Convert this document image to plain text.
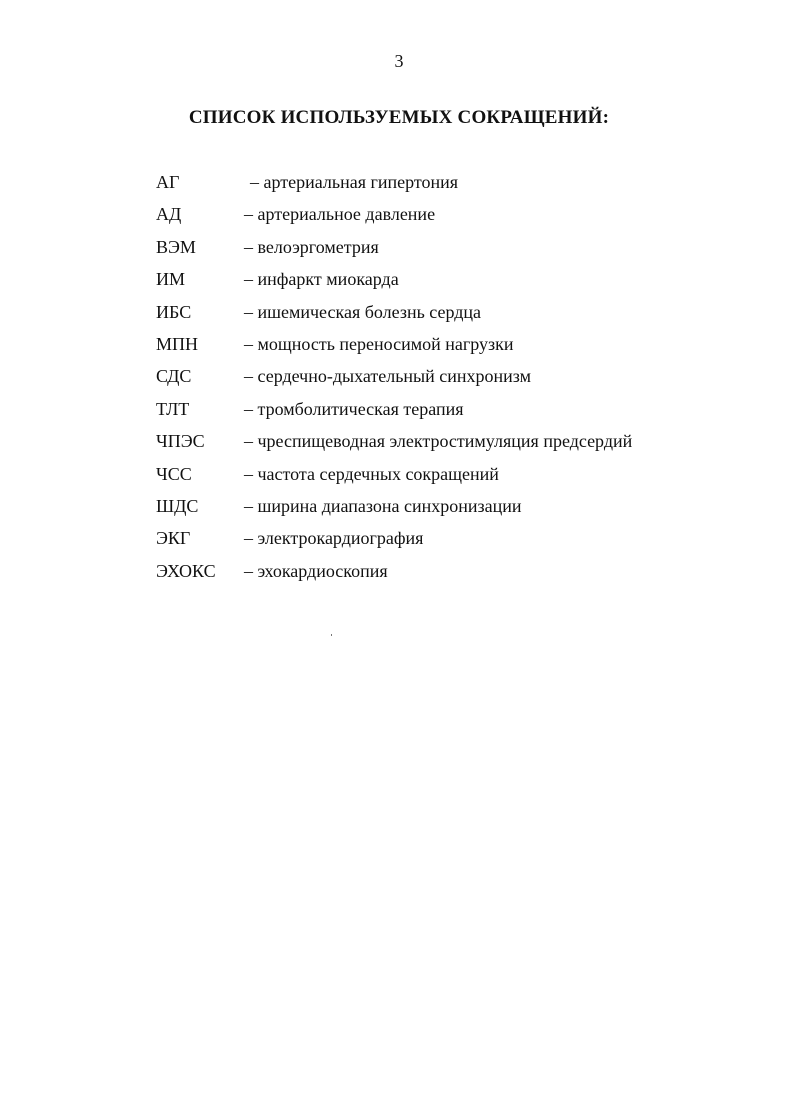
3
СПИСОК ИСПОЛЬЗУЕМЫХ СОКРАЩЕНИЙ:
АГ	– артериальная гипертония
АД	– артериальное давление
ВЭМ	– велоэргометрия
ИМ	– инфаркт миокарда
ИБС	– ишемическая болезнь сердца
МПН	– мощность переносимой нагрузки
СДС	– сердечно-дыхательный синхронизм
ТЛТ	– тромболитическая терапия
ЧПЭС	– чреспищеводная электростимуляция предсердий
ЧСС	– частота сердечных сокращений
ШДС	– ширина диапазона синхронизации
ЭКГ	– электрокардиография
ЭХОКС	– эхокардиоскопия
